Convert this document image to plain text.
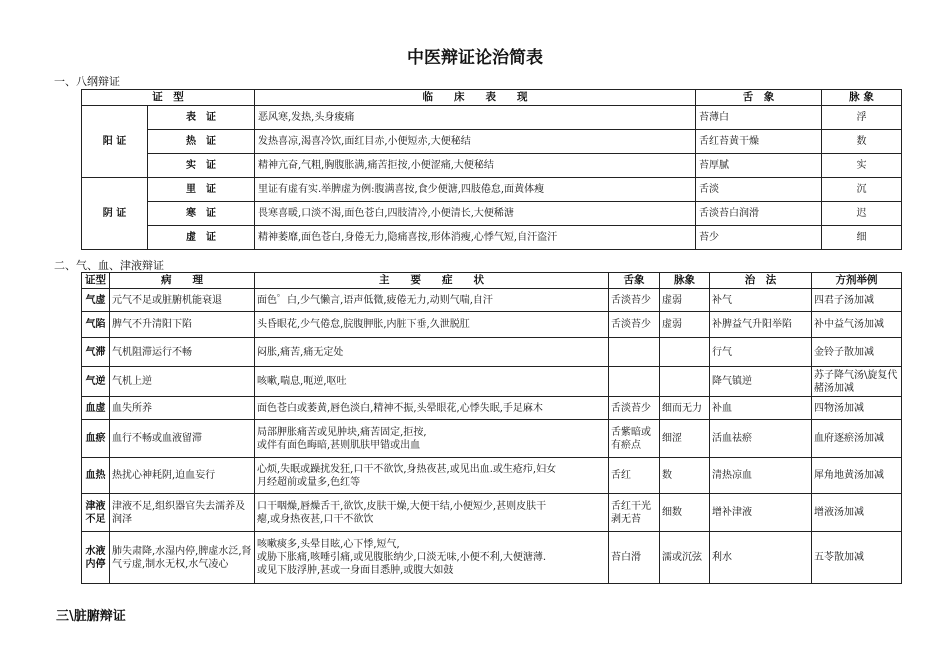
中医辩证论治简表
一、八纲辩证
证　型		临　　床　　表　　现	舌　象	脉 象
阳 证	表　证	恶风寒,发热,头身痠痛	苔薄白	浮
	热　证	发热喜凉,渴喜冷饮,面红目赤,小便短赤,大便秘结	舌红苔黄干燥	数
	实　证	精神亢奋,气粗,胸腹胀满,痛苦拒按,小便涩痛,大便秘结	苔厚腻	实
阴 证	里　证	里证有虚有实.举脾虚为例:腹满喜按,食少便溏,四肢倦怠,面黄体瘦	舌淡	沉
	寒　证	畏寒喜暖,口淡不渴,面色苍白,四肢清冷,小便清长,大便稀溏	舌淡苔白润滑	迟
	虚　证	精神萎靡,面色苍白,身倦无力,隐痛喜按,形体消瘦,心悸气短,自汗盗汗	苔少	细
二、气、血、津液辩证
证型	病　　理	主　　要　　症　　状	舌象	脉象	治　法	方剂举例
气虚	元气不足或脏腑机能衰退	面色゜白,少气懒言,语声低微,疲倦无力,动则气喘,自汗	舌淡苔少	虚弱	补气	四君子汤加减
气陷	脾气不升清阳下陷	头昏眼花,少气倦怠,脘腹胛胀,内脏下垂,久泄脱肛	舌淡苔少	虚弱	补脾益气升阳举陷	补中益气汤加减
气滞	气机阻滞运行不畅	闷胀,痛苦,痛无定处			行气	金铃子散加减
气逆	气机上逆	咳嗽,喘息,呃逆,呕吐			降气镇逆	苏子降气汤\旋复代赭汤加减
血虚	血失所养	面色苍白或萎黄,唇色淡白,精神不振,头晕眼花,心悸失眠,手足麻木	舌淡苔少	细而无力	补血	四物汤加减
血瘀	血行不畅或血液留滞	局部胛胀痛苦或见肿块,痛苦固定,拒按,
或伴有面色晦暗,甚则肌肤甲错或出血	舌紫暗或有瘀点	细涩	活血祛瘀	血府逐瘀汤加减
血热	热扰心神耗阴,迫血妄行	心烦,失眠或躁扰发狂,口干不欲饮,身热夜甚,或见出血.或生疮疖,妇女
月经超前或量多,色红等	舌红	数	清热凉血	犀角地黄汤加减
津液不足	津液不足,组织器官失去濡养及润泽	口干咽燥,唇燥舌干,欲饮,皮肤干燥,大便干结,小便短少,甚则皮肤干
瘪,或身热夜甚,口干不欲饮	舌红干光剥无苔	细数	增补津液	增液汤加减
水液内停	肺失肃降,水湿内停,脾虚水泛,肾气亏虚,制水无权,水气凌心	咳嗽痰多,头晕目眩,心下悸,短气,
或胁下胀痛,咳唾引痛,或见腹胀纳少,口淡无味,小便不利,大便溏薄.
或见下肢浮肿,甚或一身面目悉肿,或腹大如鼓	苔白滑	濡或沉弦	利水	五苓散加减
三\脏腑辩证
